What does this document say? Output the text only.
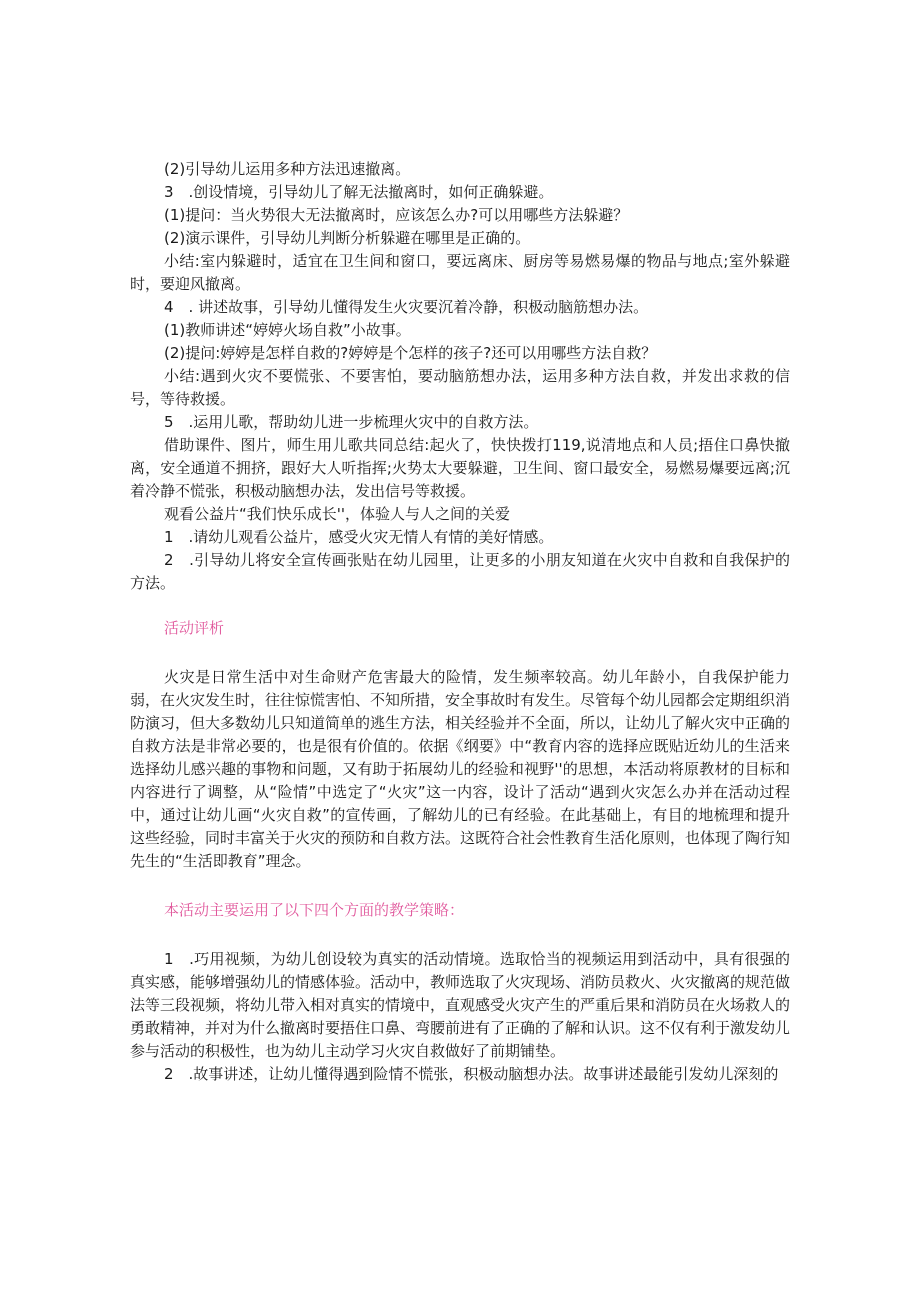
(2)引导幼儿运用多种方法迅速撤离。

3　.创设情境，引导幼儿了解无法撤离时，如何正确躲避。

(1)提问：当火势很大无法撤离时，应该怎么办?可以用哪些方法躲避？

(2)演示课件，引导幼儿判断分析躲避在哪里是正确的。

小结:室内躲避时，适宜在卫生间和窗口，要远离床、厨房等易燃易爆的物品与地点;室外躲避时，要迎风撤离。

4　. 讲述故事，引导幼儿懂得发生火灾要沉着冷静，积极动脑筋想办法。

(1)教师讲述“婷婷火场自救”小故事。

(2)提问:婷婷是怎样自救的?婷婷是个怎样的孩子?还可以用哪些方法自救？

小结:遇到火灾不要慌张、不要害怕，要动脑筋想办法，运用多种方法自救，并发出求救的信号，等待救援。

5　.运用儿歌，帮助幼儿进一步梳理火灾中的自救方法。

借助课件、图片，师生用儿歌共同总结:起火了，快快拨打119,说清地点和人员;捂住口鼻快撤离，安全通道不拥挤，跟好大人听指挥;火势太大要躲避，卫生间、窗口最安全，易燃易爆要远离;沉着冷静不慌张，积极动脑想办法，发出信号等救援。

观看公益片“我们快乐成长''，体验人与人之间的关爱

1　.请幼儿观看公益片，感受火灾无情人有情的美好情感。

2　.引导幼儿将安全宣传画张贴在幼儿园里，让更多的小朋友知道在火灾中自救和自我保护的方法。

活动评析

火灾是日常生活中对生命财产危害最大的险情，发生频率较高。幼儿年龄小，自我保护能力弱，在火灾发生时，往往惊慌害怕、不知所措，安全事故时有发生。尽管每个幼儿园都会定期组织消防演习，但大多数幼儿只知道简单的逃生方法，相关经验并不全面，所以，让幼儿了解火灾中正确的自救方法是非常必要的，也是很有价值的。依据《纲要》中“教育内容的选择应既贴近幼儿的生活来选择幼儿感兴趣的事物和问题，又有助于拓展幼儿的经验和视野''的思想，本活动将原教材的目标和内容进行了调整，从“险情”中选定了“火灾”这一内容，设计了活动“遇到火灾怎么办并在活动过程中，通过让幼儿画“火灾自救”的宣传画，了解幼儿的已有经验。在此基础上，有目的地梳理和提升这些经验，同时丰富关于火灾的预防和自救方法。这既符合社会性教育生活化原则，也体现了陶行知先生的“生活即教育”理念。

本活动主要运用了以下四个方面的教学策略：

1　.巧用视频，为幼儿创设较为真实的活动情境。选取恰当的视频运用到活动中，具有很强的真实感，能够增强幼儿的情感体验。活动中，教师选取了火灾现场、消防员救火、火灾撤离的规范做法等三段视频，将幼儿带入相对真实的情境中，直观感受火灾产生的严重后果和消防员在火场救人的勇敢精神，并对为什么撤离时要捂住口鼻、弯腰前进有了正确的了解和认识。这不仅有利于激发幼儿参与活动的积极性，也为幼儿主动学习火灾自救做好了前期铺垫。

2　.故事讲述，让幼儿懂得遇到险情不慌张，积极动脑想办法。故事讲述最能引发幼儿深刻的
